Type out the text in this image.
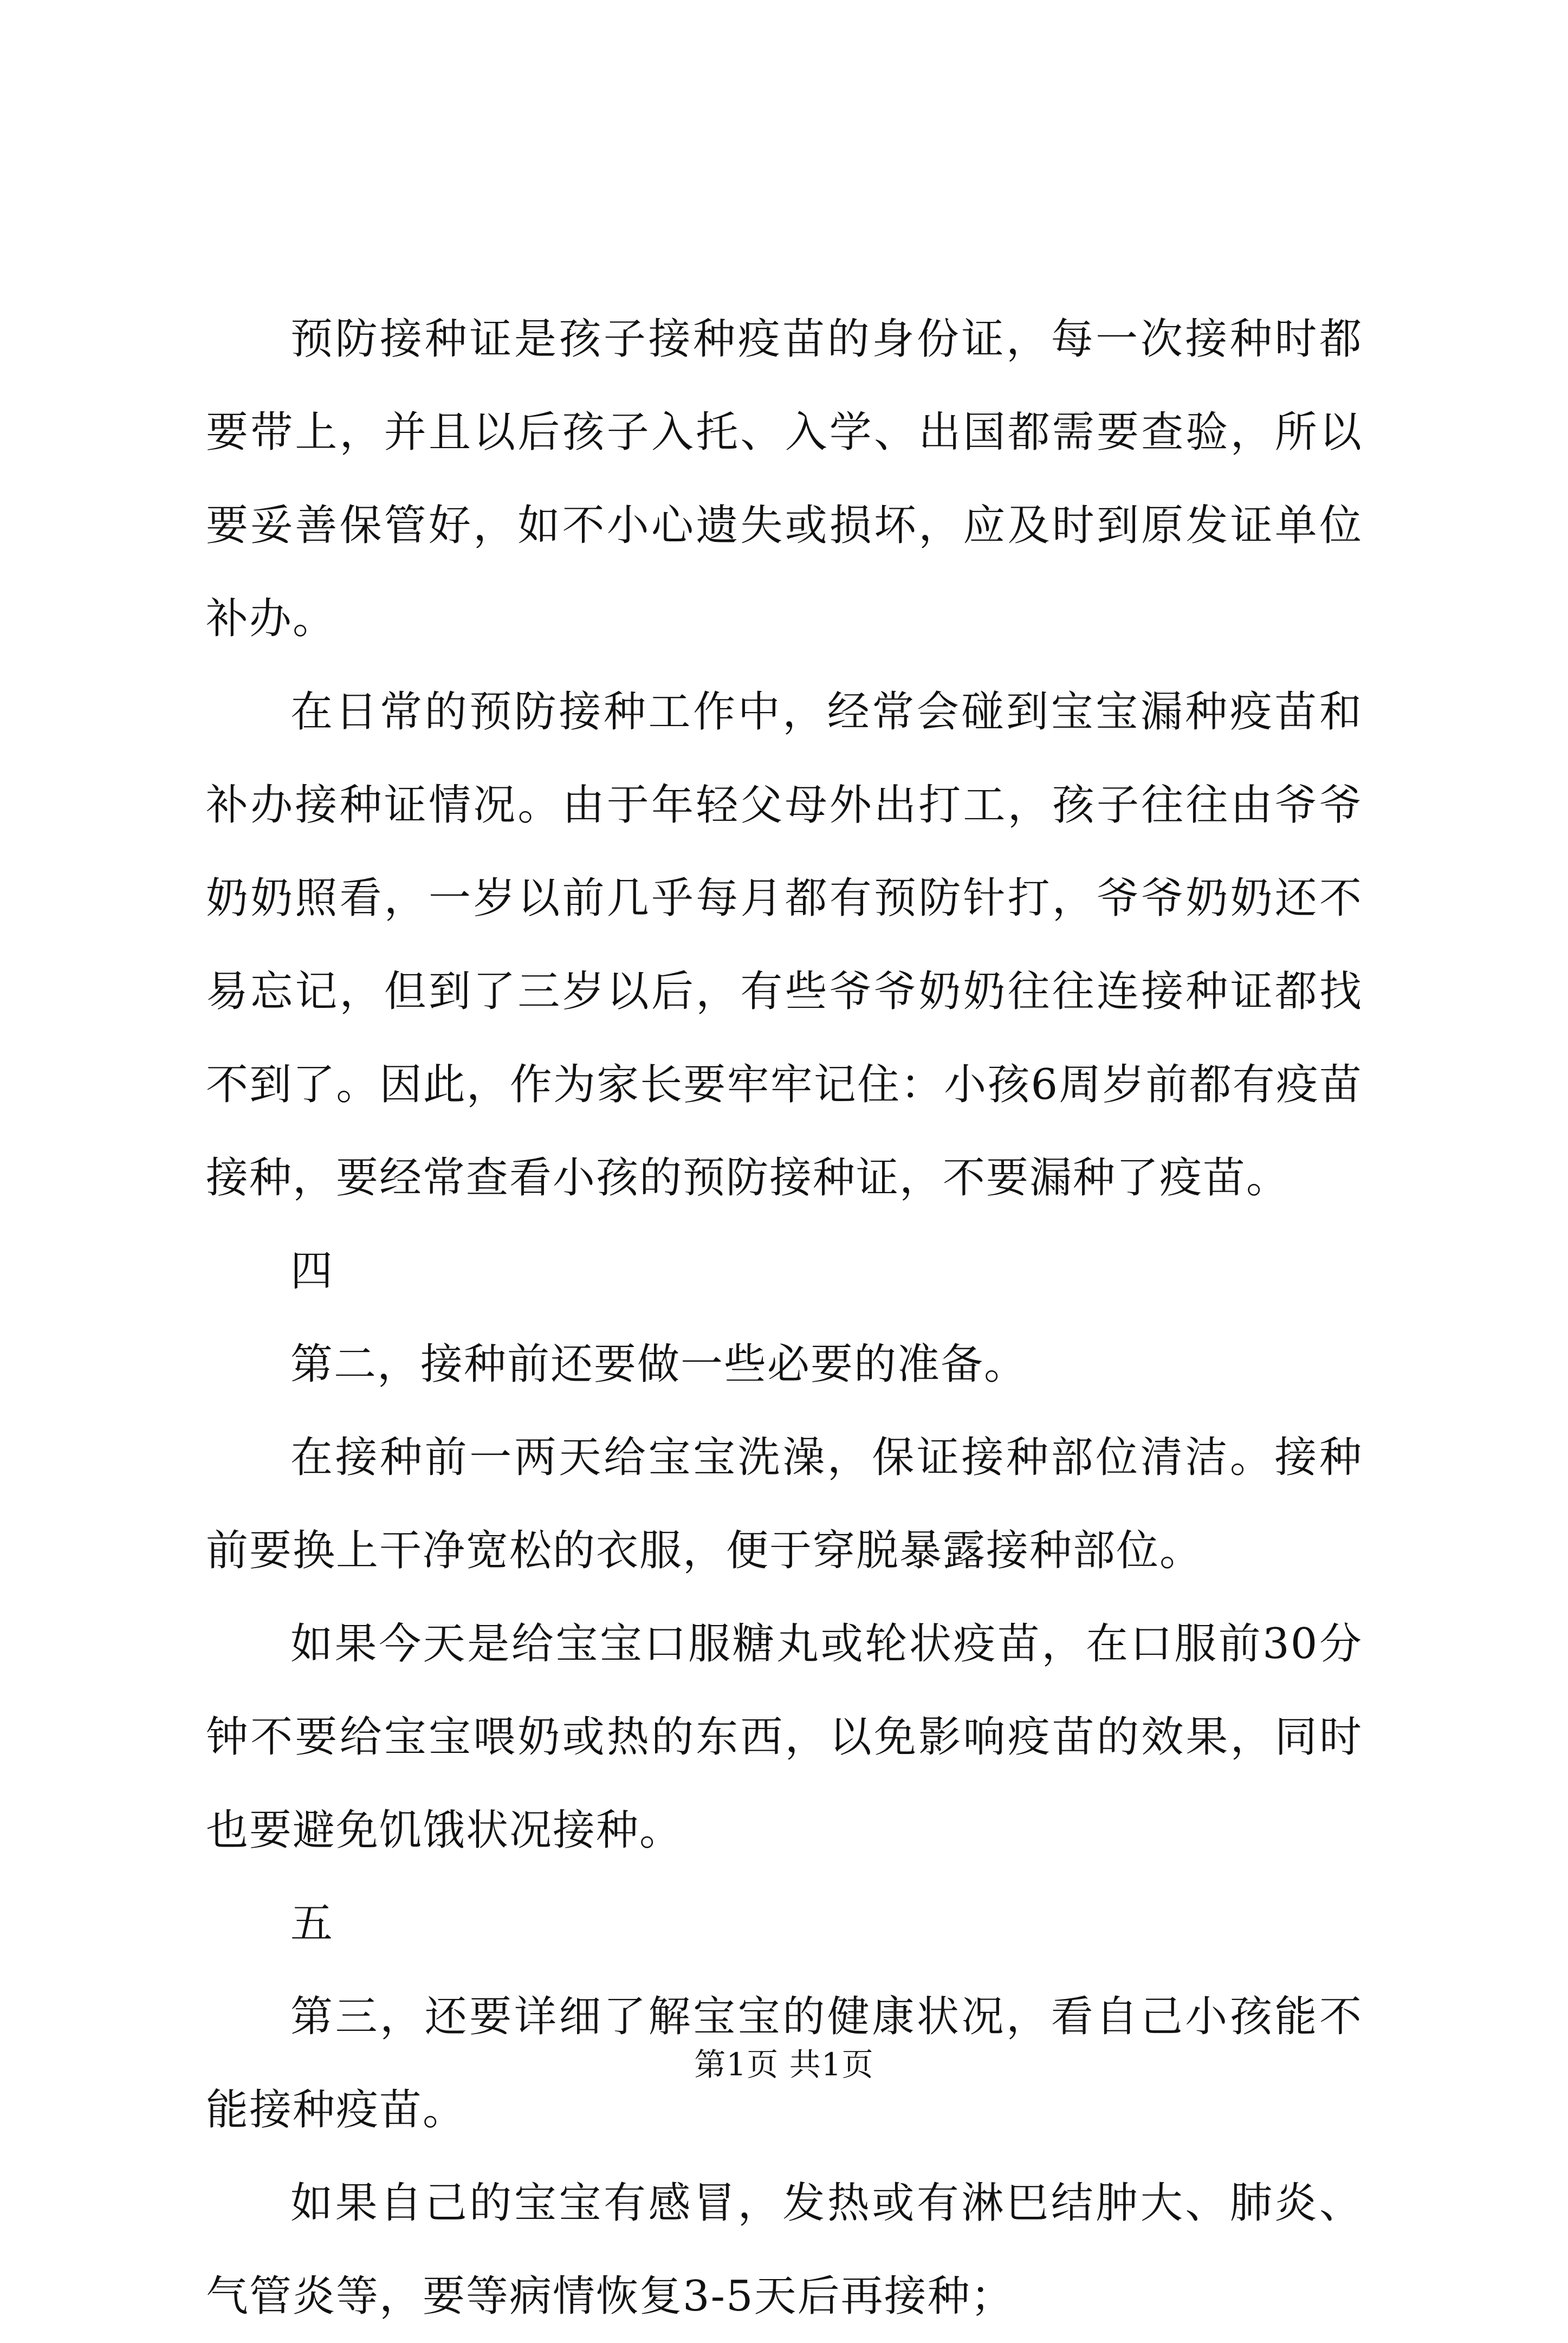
预防接种证是孩子接种疫苗的身份证，每一次接种时都要带上，并且以后孩子入托、入学、出国都需要查验，所以要妥善保管好，如不小心遗失或损坏，应及时到原发证单位补办。

在日常的预防接种工作中，经常会碰到宝宝漏种疫苗和补办接种证情况。由于年轻父母外出打工，孩子往往由爷爷奶奶照看，一岁以前几乎每月都有预防针打，爷爷奶奶还不易忘记，但到了三岁以后，有些爷爷奶奶往往连接种证都找不到了。因此，作为家长要牢牢记住：小孩6周岁前都有疫苗接种，要经常查看小孩的预防接种证，不要漏种了疫苗。

四

第二，接种前还要做一些必要的准备。

在接种前一两天给宝宝洗澡，保证接种部位清洁。接种前要换上干净宽松的衣服，便于穿脱暴露接种部位。

如果今天是给宝宝口服糖丸或轮状疫苗，在口服前30分钟不要给宝宝喂奶或热的东西，以免影响疫苗的效果，同时也要避免饥饿状况接种。

五

第三，还要详细了解宝宝的健康状况，看自己小孩能不能接种疫苗。

如果自己的宝宝有感冒，发热或有淋巴结肿大、肺炎、气管炎等，要等病情恢复3-5天后再接种；

第1页 共1页
